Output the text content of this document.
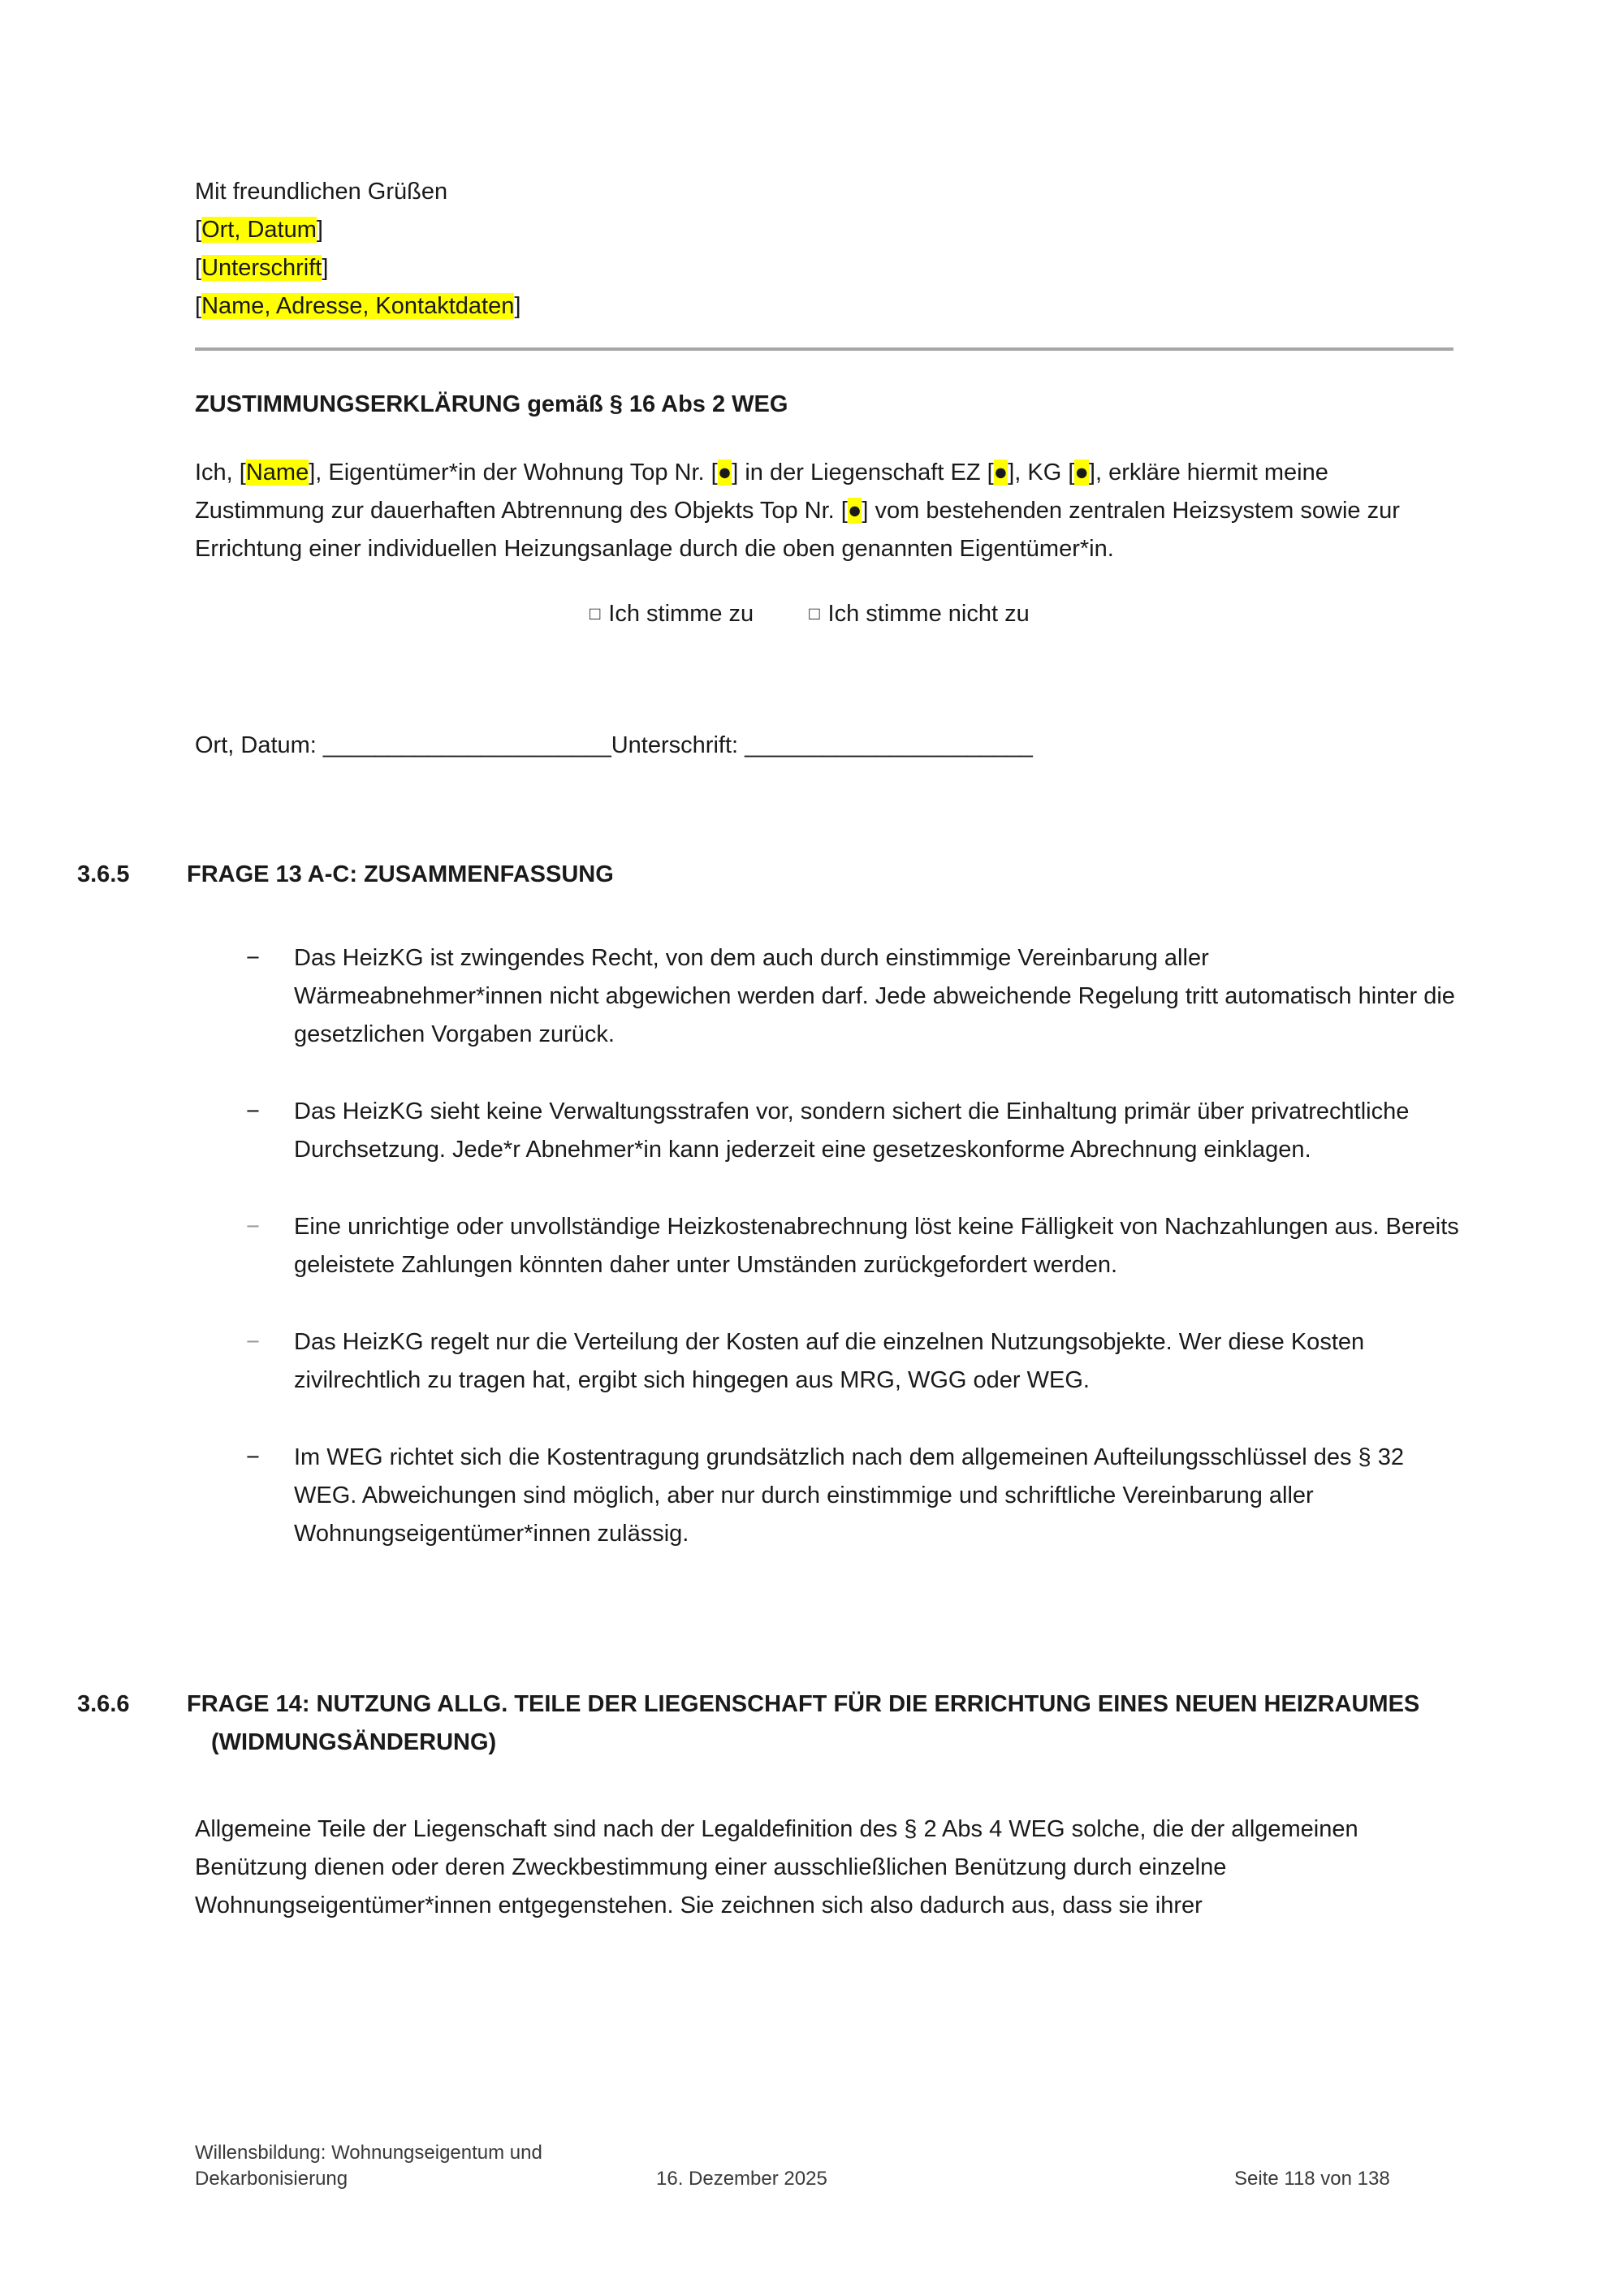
Mit freundlichen Grüßen
[Ort, Datum]
[Unterschrift]
[Name, Adresse, Kontaktdaten]
ZUSTIMMUNGSERKLÄRUNG gemäß § 16 Abs 2 WEG
Ich, [Name], Eigentümer*in der Wohnung Top Nr. [●] in der Liegenschaft EZ [●], KG [●], erkläre hiermit meine Zustimmung zur dauerhaften Abtrennung des Objekts Top Nr. [●] vom bestehenden zentralen Heizsystem sowie zur Errichtung einer individuellen Heizungsanlage durch die oben genannten Eigentümer*in.
□ Ich stimme zu	□ Ich stimme nicht zu
Ort, Datum: ______________________Unterschrift: ______________________
3.6.5 FRAGE 13 A-C: ZUSAMMENFASSUNG
− Das HeizKG ist zwingendes Recht, von dem auch durch einstimmige Vereinbarung aller Wärmeabnehmer*innen nicht abgewichen werden darf. Jede abweichende Regelung tritt automatisch hinter die gesetzlichen Vorgaben zurück.
− Das HeizKG sieht keine Verwaltungsstrafen vor, sondern sichert die Einhaltung primär über privatrechtliche Durchsetzung. Jede*r Abnehmer*in kann jederzeit eine gesetzeskonforme Abrechnung einklagen.
− Eine unrichtige oder unvollständige Heizkostenabrechnung löst keine Fälligkeit von Nachzahlungen aus. Bereits geleistete Zahlungen könnten daher unter Umständen zurückgefordert werden.
− Das HeizKG regelt nur die Verteilung der Kosten auf die einzelnen Nutzungsobjekte. Wer diese Kosten zivilrechtlich zu tragen hat, ergibt sich hingegen aus MRG, WGG oder WEG.
− Im WEG richtet sich die Kostentragung grundsätzlich nach dem allgemeinen Aufteilungsschlüssel des § 32 WEG. Abweichungen sind möglich, aber nur durch einstimmige und schriftliche Vereinbarung aller Wohnungseigentümer*innen zulässig.
3.6.6 FRAGE 14: NUTZUNG ALLG. TEILE DER LIEGENSCHAFT FÜR DIE ERRICHTUNG EINES NEUEN HEIZRAUMES
(WIDMUNGSÄNDERUNG)
Allgemeine Teile der Liegenschaft sind nach der Legaldefinition des § 2 Abs 4 WEG solche, die der allgemeinen Benützung dienen oder deren Zweckbestimmung einer ausschließlichen Benützung durch einzelne Wohnungseigentümer*innen entgegenstehen. Sie zeichnen sich also dadurch aus, dass sie ihrer
Willensbildung: Wohnungseigentum und
Dekarbonisierung	16. Dezember 2025	Seite 118 von 138
